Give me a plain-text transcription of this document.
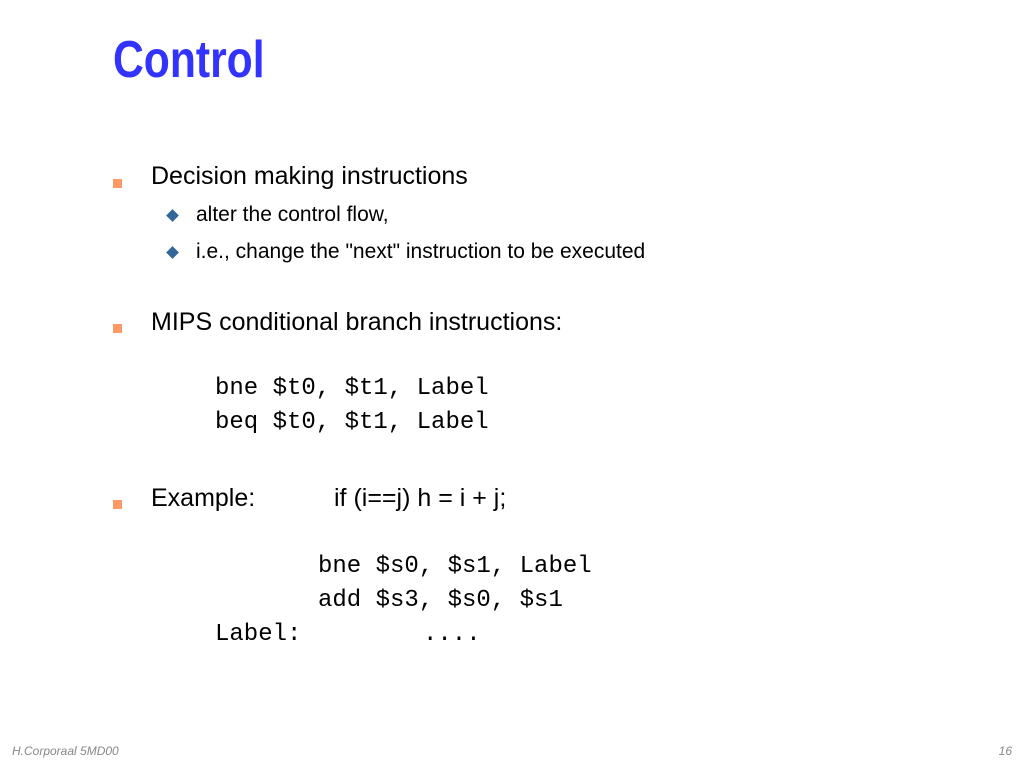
Control
Decision making instructions
alter the control flow,
i.e., change the "next" instruction to be executed
MIPS conditional branch instructions:
bne $t0, $t1, Label
beq $t0, $t1, Label
Example:	if (i==j) h = i + j;
bne $s0, $s1, Label
add $s3, $s0, $s1
Label:	....
H.Corporaal 5MD00	16
